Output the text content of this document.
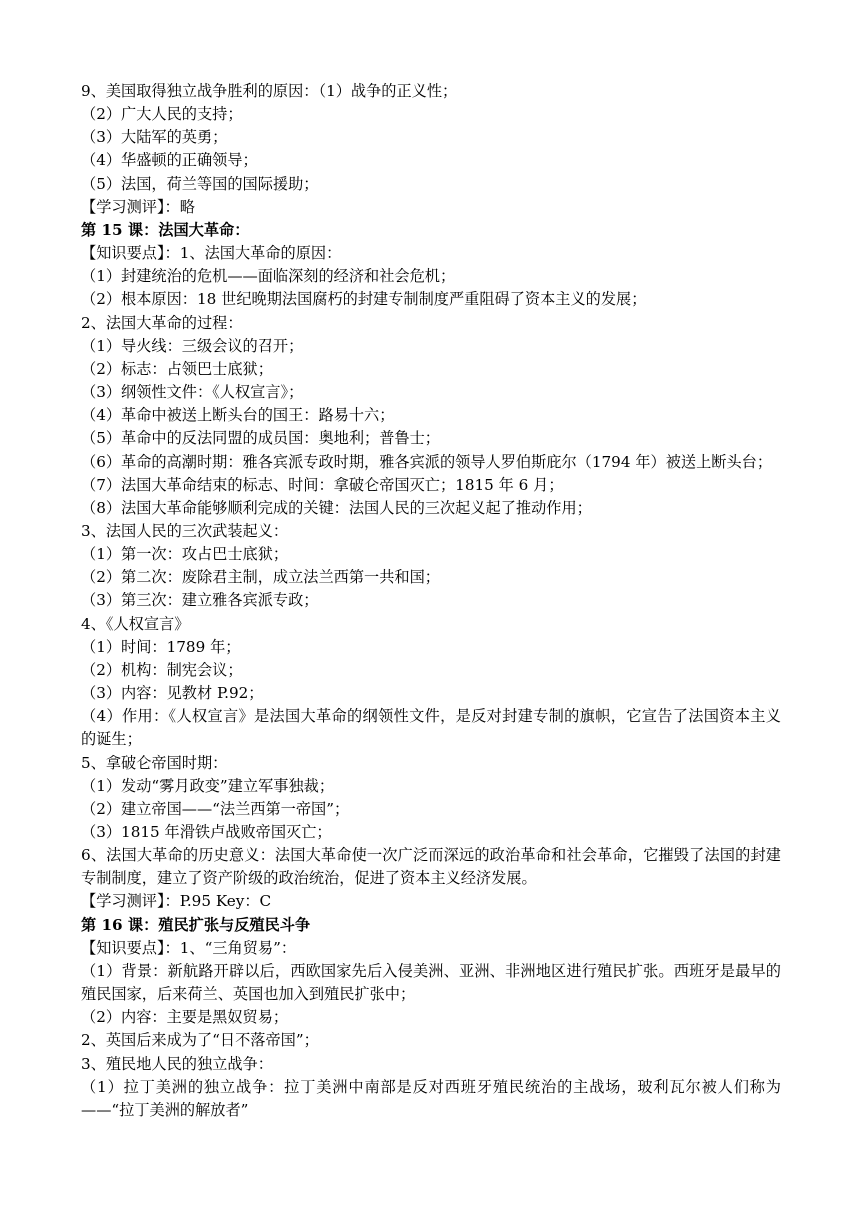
9、美国取得独立战争胜利的原因：（1）战争的正义性；
（2）广大人民的支持；
（3）大陆军的英勇；
（4）华盛顿的正确领导；
（5）法国，荷兰等国的国际援助；
【学习测评】：略
第 15 课：法国大革命：
【知识要点】：1、法国大革命的原因：
（1）封建统治的危机——面临深刻的经济和社会危机；
（2）根本原因：18 世纪晚期法国腐朽的封建专制制度严重阻碍了资本主义的发展；
2、法国大革命的过程：
（1）导火线：三级会议的召开；
（2）标志：占领巴士底狱；
（3）纲领性文件：《人权宣言》；
（4）革命中被送上断头台的国王：路易十六；
（5）革命中的反法同盟的成员国：奥地利；普鲁士；
（6）革命的高潮时期：雅各宾派专政时期，雅各宾派的领导人罗伯斯庇尔（1794 年）被送上断头台；
（7）法国大革命结束的标志、时间：拿破仑帝国灭亡；1815 年 6 月；
（8）法国大革命能够顺利完成的关键：法国人民的三次起义起了推动作用；
3、法国人民的三次武装起义：
（1）第一次：攻占巴士底狱；
（2）第二次：废除君主制，成立法兰西第一共和国；
（3）第三次：建立雅各宾派专政；
4、《人权宣言》
（1）时间：1789 年；
（2）机构：制宪会议；
（3）内容：见教材 P.92；
（4）作用：《人权宣言》是法国大革命的纲领性文件，是反对封建专制的旗帜，它宣告了法国资本主义的诞生；
5、拿破仑帝国时期：
（1）发动“雾月政变”建立军事独裁；
（2）建立帝国——“法兰西第一帝国”；
（3）1815 年滑铁卢战败帝国灭亡；
6、法国大革命的历史意义：法国大革命使一次广泛而深远的政治革命和社会革命，它摧毁了法国的封建专制制度，建立了资产阶级的政治统治，促进了资本主义经济发展。
【学习测评】：P.95 Key：C
第 16 课：殖民扩张与反殖民斗争
【知识要点】：1、“三角贸易”：
（1）背景：新航路开辟以后，西欧国家先后入侵美洲、亚洲、非洲地区进行殖民扩张。西班牙是最早的殖民国家，后来荷兰、英国也加入到殖民扩张中；
（2）内容：主要是黑奴贸易；
2、英国后来成为了“日不落帝国”；
3、殖民地人民的独立战争：
（1）拉丁美洲的独立战争：拉丁美洲中南部是反对西班牙殖民统治的主战场，玻利瓦尔被人们称为——“拉丁美洲的解放者”
